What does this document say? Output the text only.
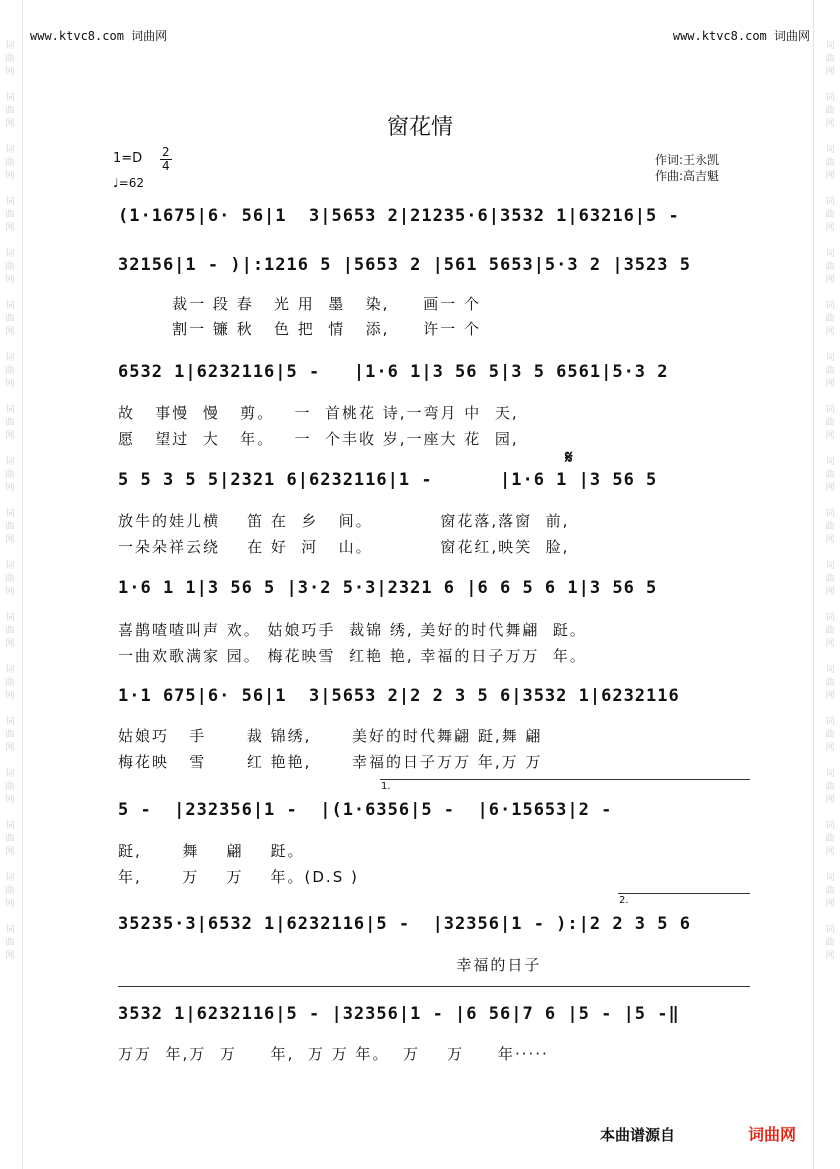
词曲网

词曲网

词曲网

词曲网

词曲网

词曲网

词曲网

词曲网

词曲网

词曲网

词曲网

词曲网

词曲网

词曲网

词曲网

词曲网

词曲网

词曲网
词曲网

词曲网

词曲网

词曲网

词曲网

词曲网

词曲网

词曲网

词曲网

词曲网

词曲网

词曲网

词曲网

词曲网

词曲网

词曲网

词曲网

词曲网
www.ktvc8.com 词曲网	www.ktvc8.com 词曲网
窗花情
$1=D \frac{2}{4}$
♩=62
作词:王永凯
作曲:高吉魁
(1·1675|6· 56|1  3|5653 2|21235·6|3532 1|63216|5 -
32156|1 - )|:1216 5 |5653 2 |561 5653|5·3 2 |3523 5
裁一 段 春   光 用  墨   染,     画一 个
割一 镰 秋   色 把  情   添,     许一 个
6532 1|6232116|5 -   |1·6 1|3 56 5|3 5 6561|5·3 2
故   事慢  慢   剪。   一  首桃花 诗,一弯月 中  天,
愿   望过  大   年。   一  个丰收 岁,一座大 花  园,
𝄋
5 5 3 5 5|2321 6|6232116|1 -      |1·6 1 |3 56 5
放牛的娃儿横    笛 在  乡   间。          窗花落,落窗  前,
一朵朵祥云绕    在 好  河   山。          窗花红,映笑  脸,
1·6 1 1|3 56 5 |3·2 5·3|2321 6 |6 6 5 6 1|3 56 5
喜鹊喳喳叫声 欢。 姑娘巧手  裁锦 绣, 美好的时代舞翩  跹。
一曲欢歌满家 园。 梅花映雪  红艳 艳, 幸福的日子万万  年。
1·1 675|6· 56|1  3|5653 2|2 2 3 5 6|3532 1|6232116
姑娘巧   手      裁 锦绣,      美好的时代舞翩 跹,舞 翩
梅花映   雪      红 艳艳,      幸福的日子万万 年,万 万
1.
5 -  |232356|1 -  |(1·6356|5 -  |6·15653|2 -
跹,      舞    翩    跹。
年,      万    万    年。(D.S )
2.
35235·3|6532 1|6232116|5 -  |32356|1 - ):|2 2 3 5 6
幸福的日子
3532 1|6232116|5 - |32356|1 - |6 56|7 6 |5 - |5 -‖
万万  年,万  万     年,  万 万 年。  万    万     年·····
本曲谱源自	词曲网
